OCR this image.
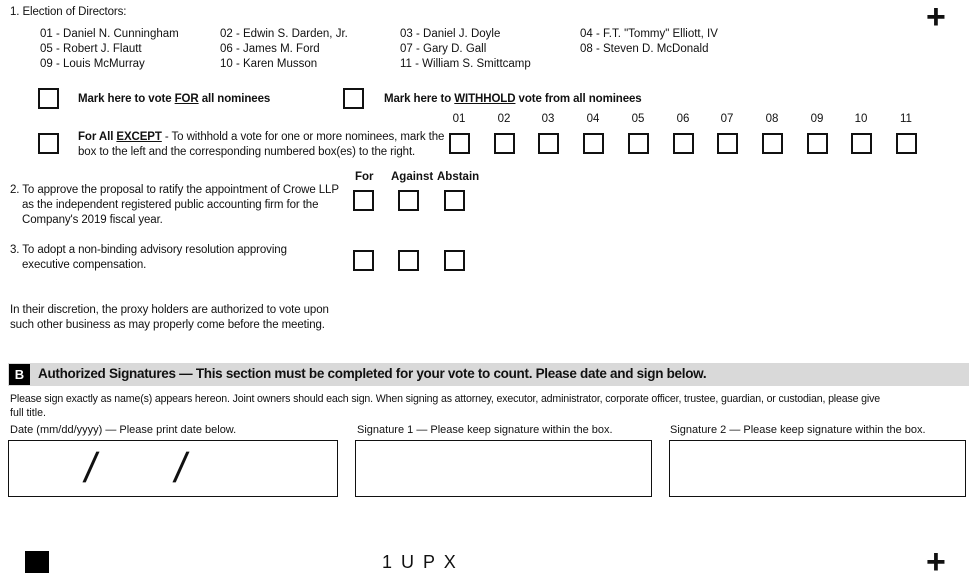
+
1. Election of Directors:
01 - Daniel N. Cunningham	02 - Edwin S. Darden, Jr.	03 - Daniel J. Doyle	04 - F.T. "Tommy" Elliott, IV
05 - Robert J. Flautt	06 - James M. Ford	07 - Gary D. Gall	08 - Steven D. McDonald
09 - Louis McMurray	10 - Karen Musson	11 - William S. Smittcamp
Mark here to vote FOR all nominees	Mark here to WITHHOLD vote from all nominees
For All EXCEPT - To withhold a vote for one or more nominees, mark the
box to the left and the corresponding numbered box(es) to the right.
01	02	03	04	05	06	07	08	09	10	11
For Against Abstain
2. To approve the proposal to ratify the appointment of Crowe LLP
as the independent registered public accounting firm for the
Company's 2019 fiscal year.
3. To adopt a non-binding advisory resolution approving
executive compensation.
In their discretion, the proxy holders are authorized to vote upon
such other business as may properly come before the meeting.
B	Authorized Signatures — This section must be completed for your vote to count. Please date and sign below.
Please sign exactly as name(s) appears hereon. Joint owners should each sign. When signing as attorney, executor, administrator, corporate officer, trustee, guardian, or custodian, please give
full title.
Date (mm/dd/yyyy) — Please print date below.	Signature 1 — Please keep signature within the box.	Signature 2 — Please keep signature within the box.
/ /
1 U P X	+
